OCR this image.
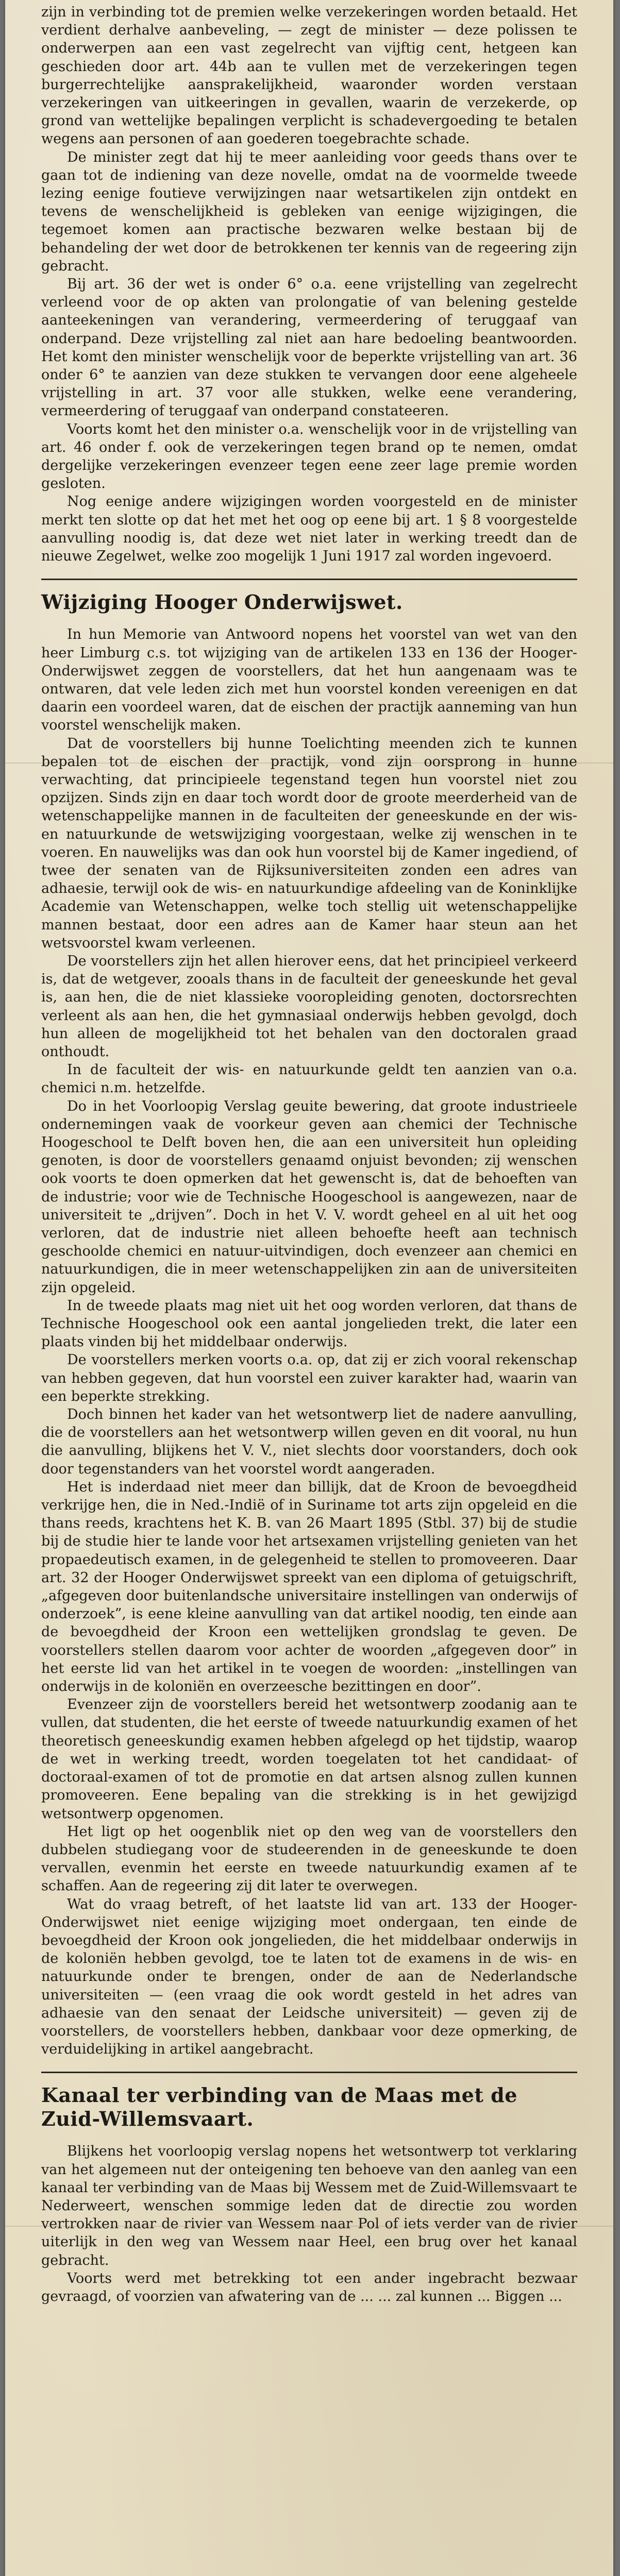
zijn in verbinding tot de premien welke verzekeringen worden betaald. Het verdient derhalve aanbeveling, — zegt de minister — deze polissen te onderwerpen aan een vast zegelrecht van vijftig cent, hetgeen kan geschieden door art. 44b aan te vullen met de verzekeringen tegen burgerrechtelijke aansprakelijkheid, waaronder worden verstaan verzekeringen van uitkeeringen in gevallen, waarin de verzekerde, op grond van wettelijke bepalingen verplicht is schadevergoeding te betalen wegens aan personen of aan goederen toegebrachte schade.

De minister zegt dat hij te meer aanleiding voor geeds thans over te gaan tot de indiening van deze novelle, omdat na de voormelde tweede lezing eenige foutieve verwijzingen naar wetsartikelen zijn ontdekt en tevens de wenschelijkheid is gebleken van eenige wijzigingen, die tegemoet komen aan practische bezwaren welke bestaan bij de behandeling der wet door de betrokkenen ter kennis van de regeering zijn gebracht.

Bij art. 36 der wet is onder 6° o.a. eene vrijstelling van zegelrecht verleend voor de op akten van prolongatie of van belening gestelde aanteekeningen van verandering, vermeerdering of teruggaaf van onderpand. Deze vrijstelling zal niet aan hare bedoeling beantwoorden. Het komt den minister wenschelijk voor de beperkte vrijstelling van art. 36 onder 6° te aanzien van deze stukken te vervangen door eene algeheele vrijstelling in art. 37 voor alle stukken, welke eene verandering, vermeerdering of teruggaaf van onderpand constateeren.

Voorts komt het den minister o.a. wenschelijk voor in de vrijstelling van art. 46 onder f. ook de verzekeringen tegen brand op te nemen, omdat dergelijke verzekeringen evenzeer tegen eene zeer lage premie worden gesloten.

Nog eenige andere wijzigingen worden voorgesteld en de minister merkt ten slotte op dat het met het oog op eene bij art. 1 § 8 voorgestelde aanvulling noodig is, dat deze wet niet later in werking treedt dan de nieuwe Zegelwet, welke zoo mogelijk 1 Juni 1917 zal worden ingevoerd.

Wijziging Hooger Onderwijswet.

In hun Memorie van Antwoord nopens het voorstel van wet van den heer Limburg c.s. tot wijziging van de artikelen 133 en 136 der Hooger-Onderwijswet zeggen de voorstellers, dat het hun aangenaam was te ontwaren, dat vele leden zich met hun voorstel konden vereenigen en dat daarin een voordeel waren, dat de eischen der practijk aanneming van hun voorstel wenschelijk maken.

Dat de voorstellers bij hunne Toelichting meenden zich te kunnen bepalen tot de eischen der practijk, vond zijn oorsprong in hunne verwachting, dat principieele tegenstand tegen hun voorstel niet zou opzijzen. Sinds zijn en daar toch wordt door de groote meerderheid van de wetenschappelijke mannen in de faculteiten der geneeskunde en der wis- en natuurkunde de wetswijziging voorgestaan, welke zij wenschen in te voeren. En nauwelijks was dan ook hun voorstel bij de Kamer ingediend, of twee der senaten van de Rijksuniversiteiten zonden een adres van adhaesie, terwijl ook de wis- en natuurkundige afdeeling van de Koninklijke Academie van Wetenschappen, welke toch stellig uit wetenschappelijke mannen bestaat, door een adres aan de Kamer haar steun aan het wetsvoorstel kwam verleenen.

De voorstellers zijn het allen hierover eens, dat het principieel verkeerd is, dat de wetgever, zooals thans in de faculteit der geneeskunde het geval is, aan hen, die de niet klassieke vooropleiding genoten, doctorsrechten verleent als aan hen, die het gymnasiaal onderwijs hebben gevolgd, doch hun alleen de mogelijkheid tot het behalen van den doctoralen graad onthoudt.

In de faculteit der wis- en natuurkunde geldt ten aanzien van o.a. chemici n.m. hetzelfde.

Do in het Voorloopig Verslag geuite bewering, dat groote industrieele ondernemingen vaak de voorkeur geven aan chemici der Technische Hoogeschool te Delft boven hen, die aan een universiteit hun opleiding genoten, is door de voorstellers genaamd onjuist bevonden; zij wenschen ook voorts te doen opmerken dat het gewenscht is, dat de behoeften van de industrie; voor wie de Technische Hoogeschool is aangewezen, naar de universiteit te „drijven”. Doch in het V. V. wordt geheel en al uit het oog verloren, dat de industrie niet alleen behoefte heeft aan technisch geschoolde chemici en natuur-uitvindigen, doch evenzeer aan chemici en natuurkundigen, die in meer wetenschappelijken zin aan de universiteiten zijn opgeleid.

In de tweede plaats mag niet uit het oog worden verloren, dat thans de Technische Hoogeschool ook een aantal jongelieden trekt, die later een plaats vinden bij het middelbaar onderwijs.

De voorstellers merken voorts o.a. op, dat zij er zich vooral rekenschap van hebben gegeven, dat hun voorstel een zuiver karakter had, waarin van een beperkte strekking.

Doch binnen het kader van het wetsontwerp liet de nadere aanvulling, die de voorstellers aan het wetsontwerp willen geven en dit vooral, nu hun die aanvulling, blijkens het V. V., niet slechts door voorstanders, doch ook door tegenstanders van het voorstel wordt aangeraden.

Het is inderdaad niet meer dan billijk, dat de Kroon de bevoegdheid verkrijge hen, die in Ned.-Indië of in Suriname tot arts zijn opgeleid en die thans reeds, krachtens het K. B. van 26 Maart 1895 (Stbl. 37) bij de studie bij de studie hier te lande voor het artsexamen vrijstelling genieten van het propaedeutisch examen, in de gelegenheid te stellen to promoveeren. Daar art. 32 der Hooger Onderwijswet spreekt van een diploma of getuigschrift, „afgegeven door buitenlandsche universitaire instellingen van onderwijs of onderzoek”, is eene kleine aanvulling van dat artikel noodig, ten einde aan de bevoegdheid der Kroon een wettelijken grondslag te geven. De voorstellers stellen daarom voor achter de woorden „afgegeven door” in het eerste lid van het artikel in te voegen de woorden: „instellingen van onderwijs in de koloniën en overzeesche bezittingen en door”.

Evenzeer zijn de voorstellers bereid het wetsontwerp zoodanig aan te vullen, dat studenten, die het eerste of tweede natuurkundig examen of het theoretisch geneeskundig examen hebben afgelegd op het tijdstip, waarop de wet in werking treedt, worden toegelaten tot het candidaat- of doctoraal-examen of tot de promotie en dat artsen alsnog zullen kunnen promoveeren. Eene bepaling van die strekking is in het gewijzigd wetsontwerp opgenomen.

Het ligt op het oogenblik niet op den weg van de voorstellers den dubbelen studiegang voor de studeerenden in de geneeskunde te doen vervallen, evenmin het eerste en tweede natuurkundig examen af te schaffen. Aan de regeering zij dit later te overwegen.

Wat do vraag betreft, of het laatste lid van art. 133 der Hooger-Onderwijswet niet eenige wijziging moet ondergaan, ten einde de bevoegdheid der Kroon ook jongelieden, die het middelbaar onderwijs in de koloniën hebben gevolgd, toe te laten tot de examens in de wis- en natuurkunde onder te brengen, onder de aan de Nederlandsche universiteiten — (een vraag die ook wordt gesteld in het adres van adhaesie van den senaat der Leidsche universiteit) — geven zij de voorstellers, de voorstellers hebben, dankbaar voor deze opmerking, de verduidelijking in artikel aangebracht.

Kanaal ter verbinding van de Maas met de Zuid-Willemsvaart.

Blijkens het voorloopig verslag nopens het wetsontwerp tot verklaring van het algemeen nut der onteigening ten behoeve van den aanleg van een kanaal ter verbinding van de Maas bij Wessem met de Zuid-Willemsvaart te Nederweert, wenschen sommige leden dat de directie zou worden vertrokken naar de rivier van Wessem naar Pol of iets verder van de rivier uiterlijk in den weg van Wessem naar Heel, een brug over het kanaal gebracht.

Voorts werd met betrekking tot een ander ingebracht bezwaar gevraagd, of voorzien van afwatering van de ... ... zal kunnen ... Biggen ...
